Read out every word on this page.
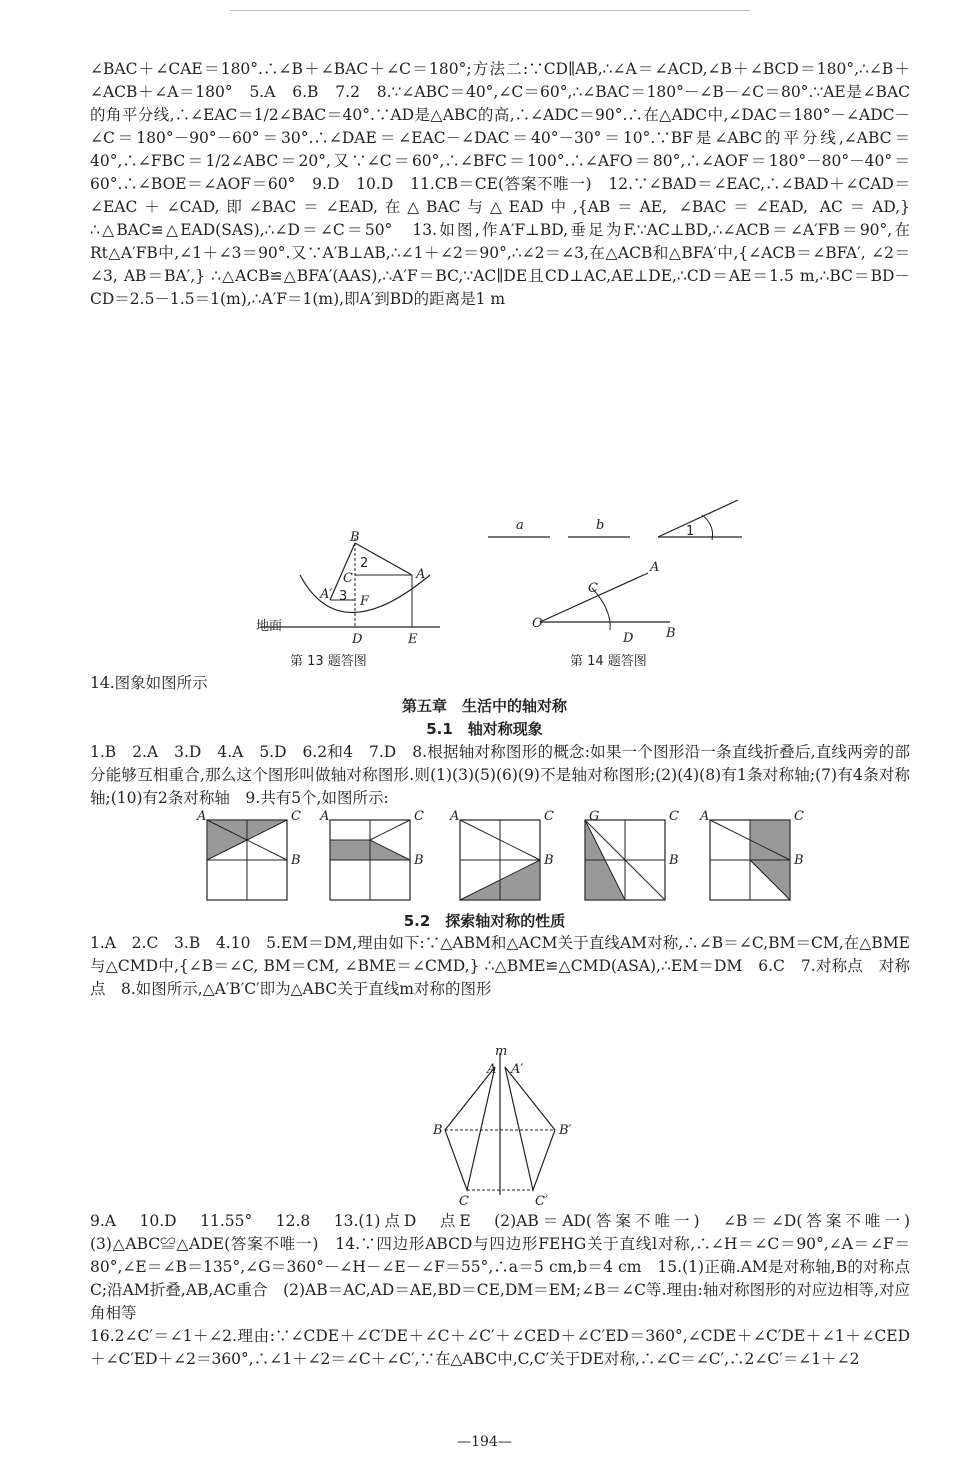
∠BAC＋∠CAE＝180°.∴∠B＋∠BAC＋∠C＝180°;方法二:∵CD∥AB,∴∠A＝∠ACD,∠B＋∠BCD＝180°,∴∠B＋∠ACB＋∠A＝180°　5.A　6.B　7.2　8.∵∠ABC＝40°,∠C＝60°,∴∠BAC＝180°－∠B－∠C＝80°.∵AE是∠BAC的角平分线,∴∠EAC＝1/2∠BAC＝40°.∵AD是△ABC的高,∴∠ADC＝90°.∴在△ADC中,∠DAC＝180°－∠ADC－∠C＝180°－90°－60°＝30°.∴∠DAE＝∠EAC－∠DAC＝40°－30°＝10°.∵BF是∠ABC的平分线,∠ABC＝40°,∴∠FBC＝1/2∠ABC＝20°,又∵∠C＝60°,∴∠BFC＝100°.∴∠AFO＝80°,∴∠AOF＝180°－80°－40°＝60°.∴∠BOE＝∠AOF＝60°　9.D　10.D　11.CB＝CE(答案不唯一)　12.∵∠BAD＝∠EAC,∴∠BAD＋∠CAD＝∠EAC＋∠CAD,即∠BAC＝∠EAD,在△BAC与△EAD中,{AB＝AE, ∠BAC＝∠EAD, AC＝AD,} ∴△BAC≌△EAD(SAS),∴∠D＝∠C＝50°　13.如图,作A′F⊥BD,垂足为F.∵AC⊥BD,∴∠ACB＝∠A′FB＝90°,在Rt△A′FB中,∠1＋∠3＝90°.又∵A′B⊥AB,∴∠1＋∠2＝90°,∴∠2＝∠3,在△ACB和△BFA′中,{∠ACB＝∠BFA′, ∠2＝∠3, AB＝BA′,} ∴△ACB≌△BFA′(AAS),∴A′F＝BC,∵AC∥DE且CD⊥AC,AE⊥DE,∴CD＝AE＝1.5 m,∴BC＝BD－CD＝2.5－1.5＝1(m),∴A′F＝1(m),即A′到BD的距离是1 m

B
2
C	A
A′ 3 F
D	E
地面
第 13 题答图
a	b	1
O
C
A
D	B
第 14 题答图

14.图象如图所示

第五章　生活中的轴对称
5.1　轴对称现象

1.B　2.A　3.D　4.A　5.D　6.2和4　7.D　8.根据轴对称图形的概念:如果一个图形沿一条直线折叠后,直线两旁的部分能够互相重合,那么这个图形叫做轴对称图形.则(1)(3)(5)(6)(9)不是轴对称图形;(2)(4)(8)有1条对称轴;(7)有4条对称轴;(10)有2条对称轴　9.共有5个,如图所示:

A	C
B
A	C
B
A	C
B
G	C
B
A	C
B
5.2　探索轴对称的性质

1.A　2.C　3.B　4.10　5.EM＝DM,理由如下:∵△ABM和△ACM关于直线AM对称,∴∠B＝∠C,BM＝CM,在△BME与△CMD中,{∠B＝∠C, BM＝CM, ∠BME＝∠CMD,} ∴△BME≌△CMD(ASA),∴EM＝DM　6.C　7.对称点　对称点　8.如图所示,△A′B′C′即为△ABC关于直线m对称的图形

m
A A′
B	B′
C	C′

9.A　10.D　11.55°　12.8　13.(1)点D　点E　(2)AB＝AD(答案不唯一)　∠B＝∠D(答案不唯一)　(3)△ABC≌△ADE(答案不唯一)　14.∵四边形ABCD与四边形FEHG关于直线l对称,∴∠H＝∠C＝90°,∠A＝∠F＝80°,∠E＝∠B＝135°,∠G＝360°－∠H－∠E－∠F＝55°,∴a＝5 cm,b＝4 cm　15.(1)正确.AM是对称轴,B的对称点C;沿AM折叠,AB,AC重合　(2)AB＝AC,AD＝AE,BD＝CE,DM＝EM;∠B＝∠C等.理由:轴对称图形的对应边相等,对应角相等

16.2∠C′＝∠1＋∠2.理由:∵∠CDE＋∠C′DE＋∠C＋∠C′＋∠CED＋∠C′ED＝360°,∠CDE＋∠C′DE＋∠1＋∠CED＋∠C′ED＋∠2＝360°,∴∠1＋∠2＝∠C＋∠C′,∵在△ABC中,C,C′关于DE对称,∴∠C＝∠C′,∴2∠C′＝∠1＋∠2

—194—
